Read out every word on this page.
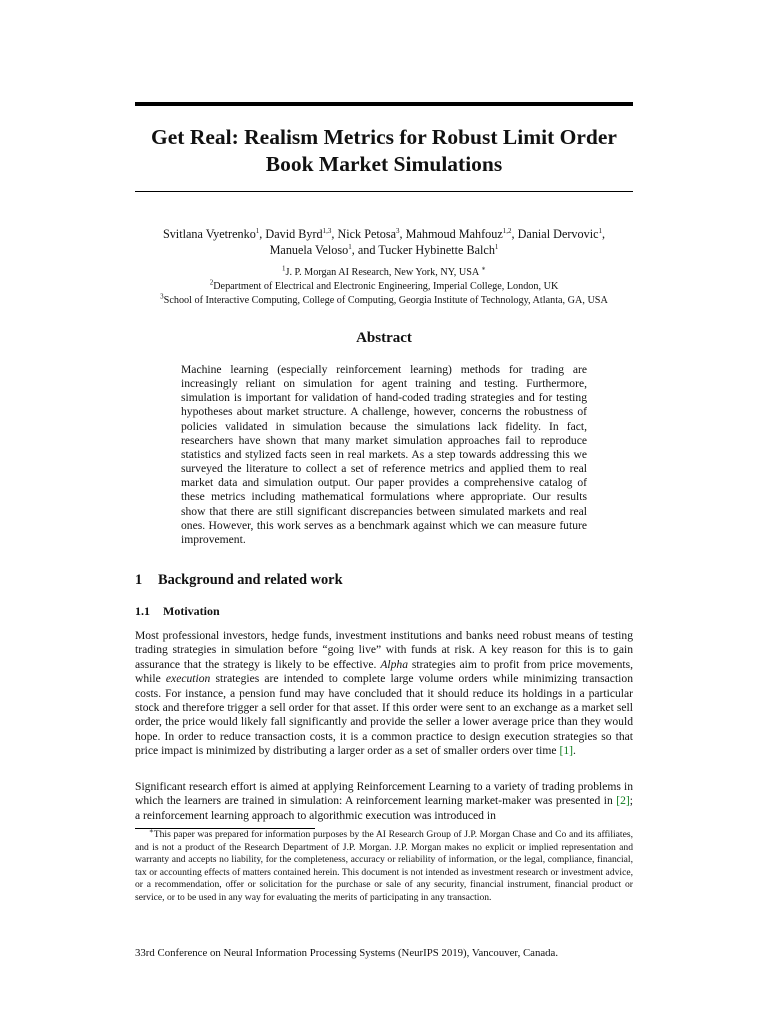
Get Real: Realism Metrics for Robust Limit Order
Book Market Simulations
Svitlana Vyetrenko$^1$, David Byrd$^{1,3}$, Nick Petosa$^3$, Mahmoud Mahfouz$^{1,2}$, Danial Dervovic$^1$,
Manuela Veloso$^1$, and Tucker Hybinette Balch$^1$
$^1$J. P. Morgan AI Research, New York, NY, USA ∗
$^2$Department of Electrical and Electronic Engineering, Imperial College, London, UK
$^3$School of Interactive Computing, College of Computing, Georgia Institute of Technology, Atlanta, GA, USA
Abstract
Machine learning (especially reinforcement learning) methods for trading are increasingly reliant on simulation for agent training and testing. Furthermore, simulation is important for validation of hand-coded trading strategies and for testing hypotheses about market structure. A challenge, however, concerns the robustness of policies validated in simulation because the simulations lack fidelity. In fact, researchers have shown that many market simulation approaches fail to reproduce statistics and stylized facts seen in real markets. As a step towards addressing this we surveyed the literature to collect a set of reference metrics and applied them to real market data and simulation output. Our paper provides a comprehensive catalog of these metrics including mathematical formulations where appropriate. Our results show that there are still significant discrepancies between simulated markets and real ones. However, this work serves as a benchmark against which we can measure future improvement.
1 Background and related work
1.1 Motivation
Most professional investors, hedge funds, investment institutions and banks need robust means of testing trading strategies in simulation before “going live” with funds at risk. A key reason for this is to gain assurance that the strategy is likely to be effective. Alpha strategies aim to profit from price movements, while execution strategies are intended to complete large volume orders while minimizing transaction costs. For instance, a pension fund may have concluded that it should reduce its holdings in a particular stock and therefore trigger a sell order for that asset. If this order were sent to an exchange as a market sell order, the price would likely fall significantly and provide the seller a lower average price than they would hope. In order to reduce transaction costs, it is a common practice to design execution strategies so that price impact is minimized by distributing a larger order as a set of smaller orders over time [1].
Significant research effort is aimed at applying Reinforcement Learning to a variety of trading problems in which the learners are trained in simulation: A reinforcement learning market-maker was presented in [2]; a reinforcement learning approach to algorithmic execution was introduced in
∗This paper was prepared for information purposes by the AI Research Group of J.P. Morgan Chase and Co and its affiliates, and is not a product of the Research Department of J.P. Morgan. J.P. Morgan makes no explicit or implied representation and warranty and accepts no liability, for the completeness, accuracy or reliability of information, or the legal, compliance, financial, tax or accounting effects of matters contained herein. This document is not intended as investment research or investment advice, or a recommendation, offer or solicitation for the purchase or sale of any security, financial instrument, financial product or service, or to be used in any way for evaluating the merits of participating in any transaction.
33rd Conference on Neural Information Processing Systems (NeurIPS 2019), Vancouver, Canada.
